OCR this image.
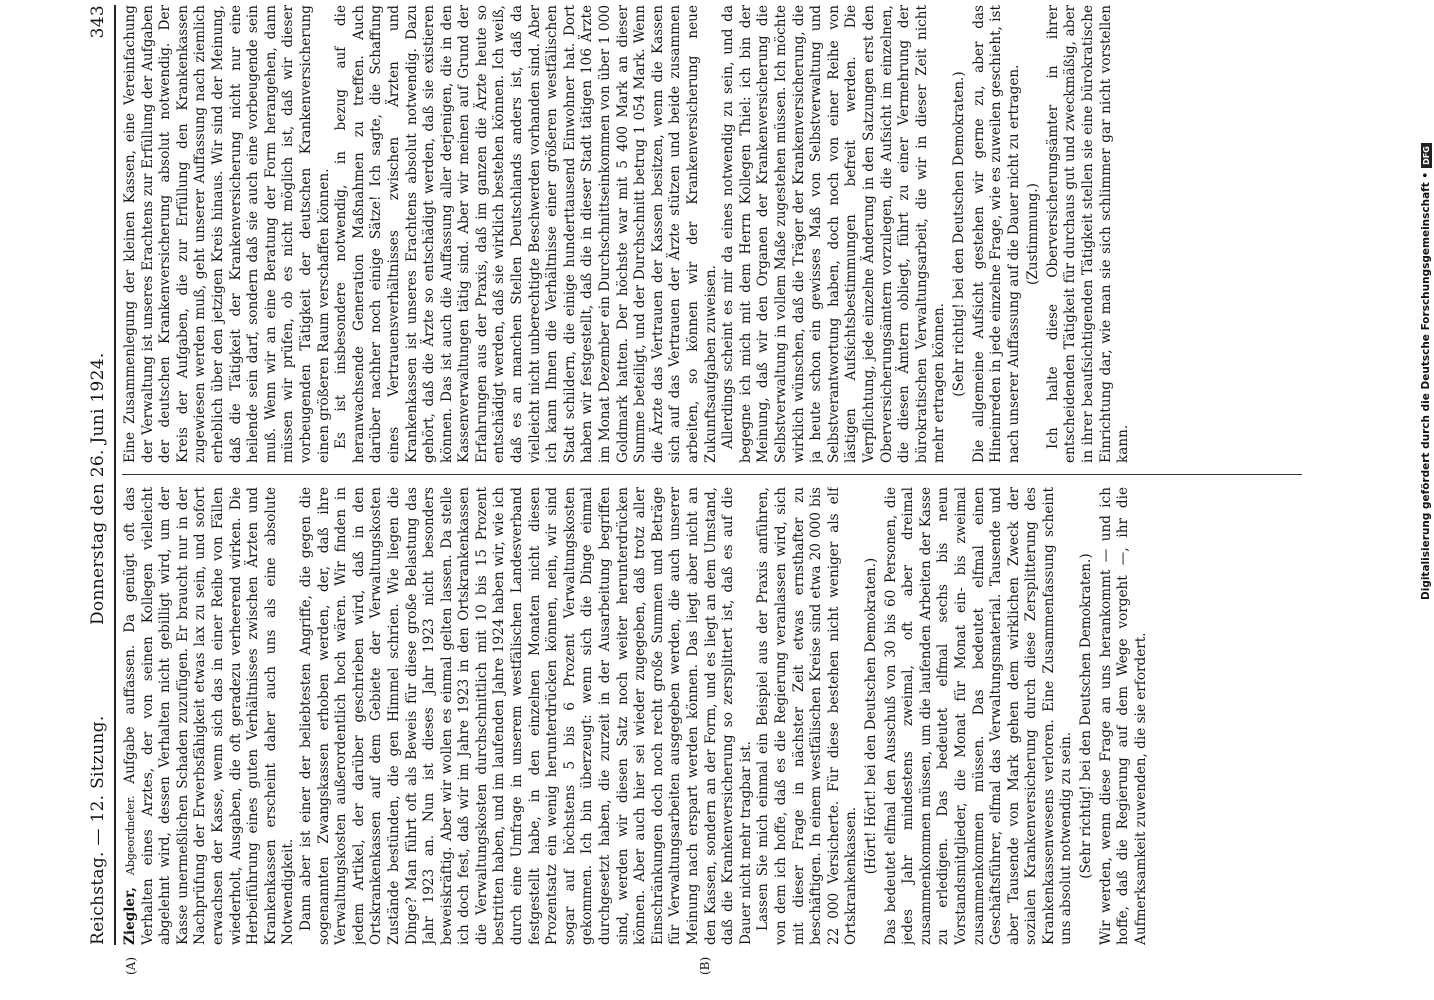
Reichstag. — 12. Sitzung.
Donnerstag den 26. Juni 1924.
343
(A)	(B)

Ziegler, Abgeordneter. Aufgabe auffassen. Da genügt oft das Verhalten eines Arztes, der von seinen Kollegen vielleicht abgelehnt wird, dessen Verhalten nicht gebilligt wird, um der Kasse unermeßlichen Schaden zuzufügen. Er braucht nur in der Nachprüfung der Erwerbsfähigkeit etwas lax zu sein, und sofort erwachsen der Kasse, wenn sich das in einer Reihe von Fällen wiederholt, Ausgaben, die oft geradezu verheerend wirken. Die Herbeiführung eines guten Verhältnisses zwischen Ärzten und Krankenkassen erscheint daher auch uns als eine absolute Notwendigkeit. Dann aber ist einer der beliebtesten Angriffe, die gegen die sogenannten Zwangskassen erhoben werden, der, daß ihre Verwaltungskosten außerordentlich hoch wären. Wir finden in jedem Artikel, der darüber geschrieben wird, daß in den Ortskrankenkassen auf dem Gebiete der Verwaltungskosten Zustände bestünden, die gen Himmel schrien. Wie liegen die Dinge? Man führt oft als Beweis für diese große Belastung das Jahr 1923 an. Nun ist dieses Jahr 1923 nicht besonders beweiskräftig. Aber wir wollen es einmal gelten lassen. Da stelle ich doch fest, daß wir im Jahre 1923 in den Ortskrankenkassen die Verwaltungskosten durchschnittlich mit 10 bis 15 Prozent bestritten haben, und im laufenden Jahre 1924 haben wir, wie ich durch eine Umfrage in unserem westfälischen Landesverband festgestellt habe, in den einzelnen Monaten nicht diesen Prozentsatz ein wenig herunterdrücken können, nein, wir sind sogar auf höchstens 5 bis 6 Prozent Verwaltungskosten gekommen. Ich bin überzeugt: wenn sich die Dinge einmal durchgesetzt haben, die zurzeit in der Ausarbeitung begriffen sind, werden wir diesen Satz noch weiter herunterdrücken können. Aber auch hier sei wieder zugegeben, daß trotz aller Einschränkungen doch noch recht große Summen und Beträge für Verwaltungsarbeiten ausgegeben werden, die auch unserer Meinung nach erspart werden können. Das liegt aber nicht an den Kassen, sondern an der Form, und es liegt an dem Umstand, daß die Krankenversicherung so zersplittert ist, daß es auf die Dauer nicht mehr tragbar ist. Lassen Sie mich einmal ein Beispiel aus der Praxis anführen, von dem ich hoffe, daß es die Regierung veranlassen wird, sich mit dieser Frage in nächster Zeit etwas ernsthafter zu beschäftigen. In einem westfälischen Kreise sind etwa 20 000 bis 22 000 Versicherte. Für diese bestehen nicht weniger als elf Ortskrankenkassen.

(Hört! Hört! bei den Deutschen Demokraten.) Das bedeutet elfmal den Ausschuß von 30 bis 60 Personen, die jedes Jahr mindestens zweimal, oft aber dreimal zusammenkommen müssen, um die laufenden Arbeiten der Kasse zu erledigen. Das bedeutet elfmal sechs bis neun Vorstandsmitglieder, die Monat für Monat ein- bis zweimal zusammenkommen müssen. Das bedeutet elfmal einen Geschäftsführer, elfmal das Verwaltungsmaterial. Tausende und aber Tausende von Mark gehen dem wirklichen Zweck der sozialen Krankenversicherung durch diese Zersplitterung des Krankenkassenwesens verloren. Eine Zusammenfassung scheint uns absolut notwendig zu sein. (Sehr richtig! bei den Deutschen Demokraten.) Wir werden, wenn diese Frage an uns herankommt — und ich hoffe, daß die Regierung auf dem Wege vorgeht —, ihr die Aufmerksamkeit zuwenden, die sie erfordert.

Eine Zusammenlegung der kleinen Kassen, eine Vereinfachung der Verwaltung ist unseres Erachtens zur Erfüllung der Aufgaben der deutschen Krankenversicherung absolut notwendig. Der Kreis der Aufgaben, die zur Erfüllung den Krankenkassen zugewiesen werden muß, geht unserer Auffassung nach ziemlich erheblich über den jetzigen Kreis hinaus. Wir sind der Meinung, daß die Tätigkeit der Krankenversicherung nicht nur eine heilende sein darf, sondern daß sie auch eine vorbeugende sein muß. Wenn wir an eine Beratung der Form herangehen, dann müssen wir prüfen, ob es nicht möglich ist, daß wir dieser vorbeugenden Tätigkeit der deutschen Krankenversicherung einen größeren Raum verschaffen können. Es ist insbesondere notwendig, in bezug auf die heranwachsende Generation Maßnahmen zu treffen. Auch darüber nachher noch einige Sätze! Ich sagte, die Schaffung eines Vertrauensverhältnisses zwischen Ärzten und Krankenkassen ist unseres Erachtens absolut notwendig. Dazu gehört, daß die Ärzte so entschädigt werden, daß sie existieren können. Das ist auch die Auffassung aller derjenigen, die in den Kassenverwaltungen tätig sind. Aber wir meinen auf Grund der Erfahrungen aus der Praxis, daß im ganzen die Ärzte heute so entschädigt werden, daß sie wirklich bestehen können. Ich weiß, daß es an manchen Stellen Deutschlands anders ist, daß da vielleicht nicht unberechtigte Beschwerden vorhanden sind. Aber ich kann Ihnen die Verhältnisse einer größeren westfälischen Stadt schildern, die einige hunderttausend Einwohner hat. Dort haben wir festgestellt, daß die in dieser Stadt tätigen 106 Ärzte im Monat Dezember ein Durchschnittseinkommen von über 1 000 Goldmark hatten. Der höchste war mit 5 400 Mark an dieser Summe beteiligt, und der Durchschnitt betrug 1 054 Mark. Wenn die Ärzte das Vertrauen der Kassen besitzen, wenn die Kassen sich auf das Vertrauen der Ärzte stützen und beide zusammen arbeiten, so können wir der Krankenversicherung neue Zukunftsaufgaben zuweisen. Allerdings scheint es mir da eines notwendig zu sein, und da begegne ich mich mit dem Herrn Kollegen Thiel: ich bin der Meinung, daß wir den Organen der Krankenversicherung die Selbstverwaltung in vollem Maße zugestehen müssen. Ich möchte wirklich wünschen, daß die Träger der Krankenversicherung, die ja heute schon ein gewisses Maß von Selbstverwaltung und Selbstverantwortung haben, doch noch von einer Reihe von lästigen Aufsichtsbestimmungen befreit werden. Die Verpflichtung, jede einzelne Änderung in den Satzungen erst den Oberversicherungsämtern vorzulegen, die Aufsicht im einzelnen, die diesen Ämtern obliegt, führt zu einer Vermehrung der bürokratischen Verwaltungsarbeit, die wir in dieser Zeit nicht mehr ertragen können. (Sehr richtig! bei den Deutschen Demokraten.) Die allgemeine Aufsicht gestehen wir gerne zu, aber das Hineinreden in jede einzelne Frage, wie es zuweilen geschieht, ist nach unserer Auffassung auf die Dauer nicht zu ertragen. (Zustimmung.) Ich halte diese Oberversicherungsämter in ihrer entscheidenden Tätigkeit für durchaus gut und zweckmäßig, aber in ihrer beaufsichtigenden Tätigkeit stellen sie eine bürokratische Einrichtung dar, wie man sie sich schlimmer gar nicht vorstellen kann.	Digitalisierung gefördert durch die Deutsche Forschungsgemeinschaft •
DFG
